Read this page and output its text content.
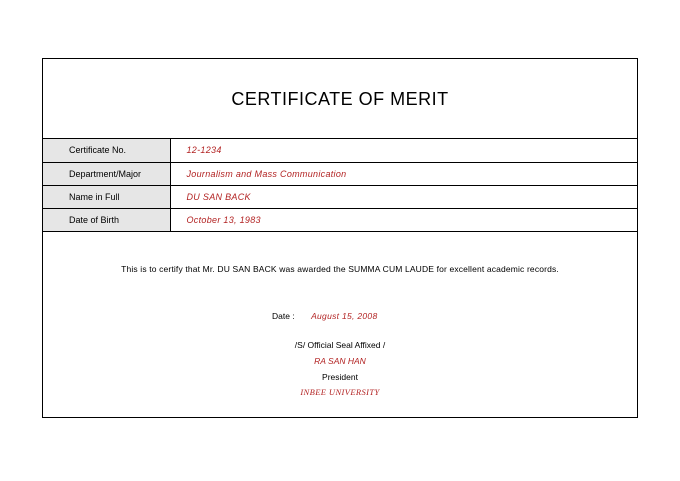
CERTIFICATE OF MERIT
Certificate No.	12-1234
Department/Major	Journalism and Mass Communication
Name in Full	DU SAN BACK
Date of Birth	October 13, 1983
This is to certify that Mr. DU SAN BACK was awarded the SUMMA CUM LAUDE for excellent academic records.
Date : August 15, 2008
/S/ Official Seal Affixed /
RA SAN HAN
President
INBEE UNIVERSITY
